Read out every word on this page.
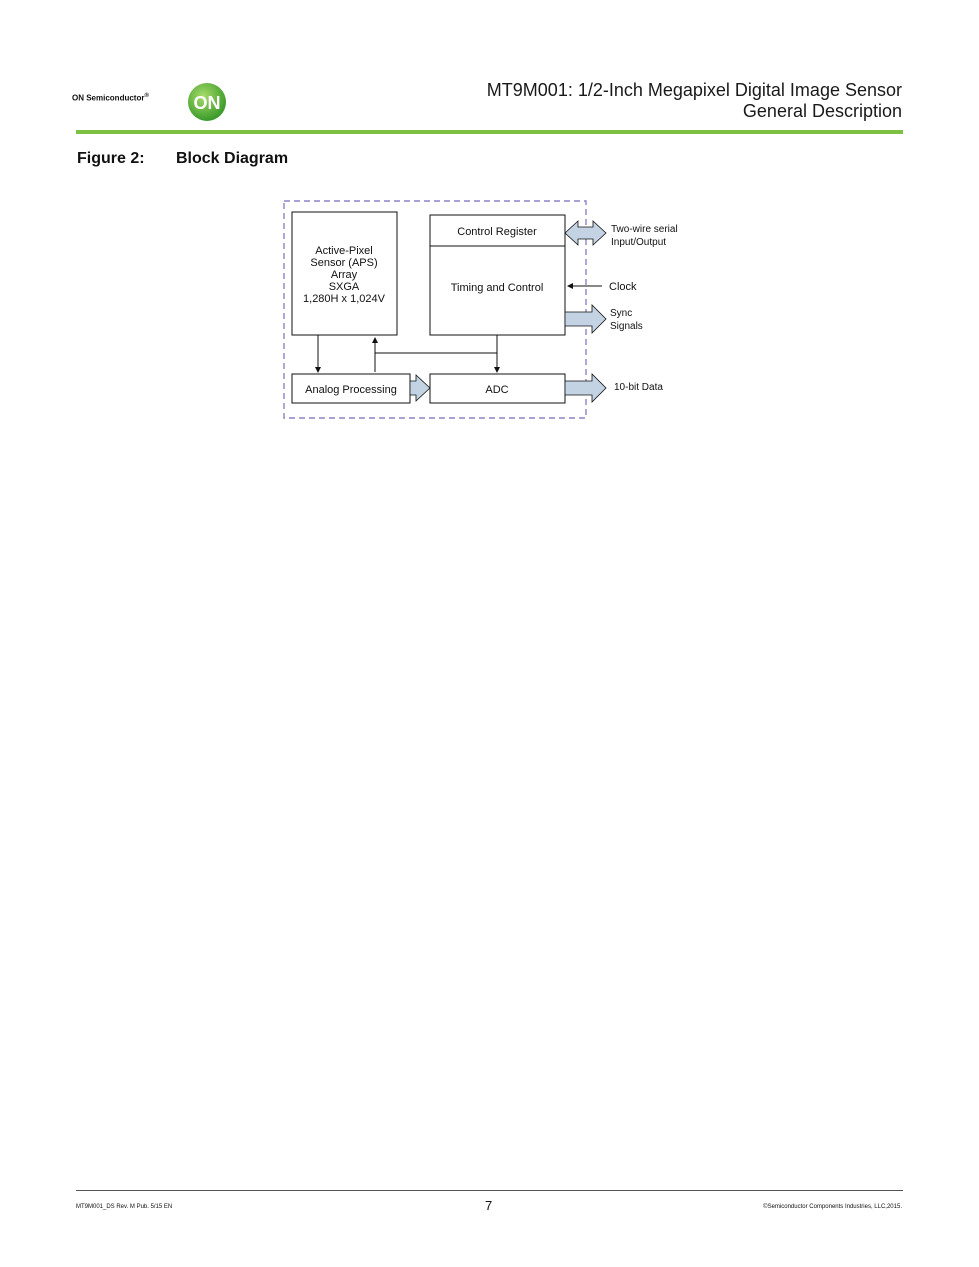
ON Semiconductor® ON
MT9M001: 1/2-Inch Megapixel Digital Image Sensor
General Description
Figure 2: Block Diagram
Active-Pixel
Sensor (APS)
Array
SXGA
1,280H x 1,024V
Control Register
Timing and Control
Analog Processing	ADC
Two-wire serial
Input/Output
Clock
Sync
Signals
10-bit Data
MT9M001_DS Rev. M Pub. 5/15 EN	7	©Semiconductor Components Industries, LLC,2015.
